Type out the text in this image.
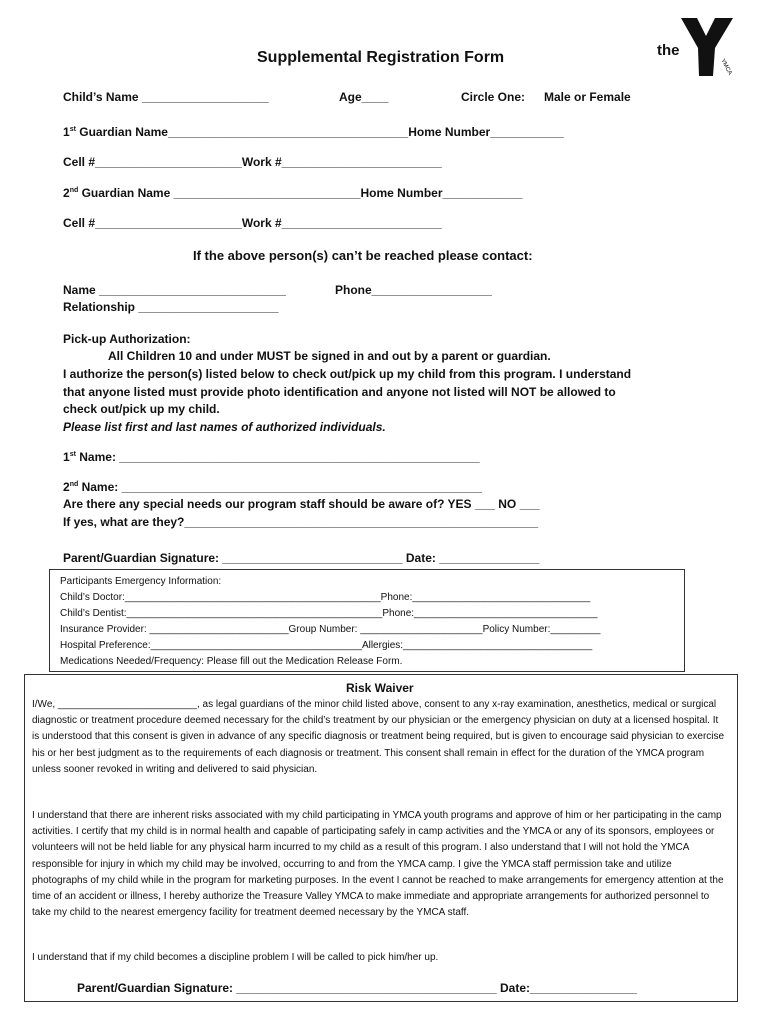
the
YMCA
Supplemental Registration Form
Child’s Name ___________________	Age____	Circle One: Male or Female
1st Guardian Name____________________________________Home Number___________
Cell #______________________Work #________________________
2nd Guardian Name ____________________________Home Number____________
Cell #______________________Work #________________________
If the above person(s) can’t be reached please contact:
Name ____________________________	Phone__________________
Relationship _____________________
Pick-up Authorization:
All Children 10 and under MUST be signed in and out by a parent or guardian.
I authorize the person(s) listed below to check out/pick up my child from this program. I understand
that anyone listed must provide photo identification and anyone not listed will NOT be allowed to
check out/pick up my child.
Please list first and last names of authorized individuals.
1st Name: ______________________________________________________
2nd Name: ______________________________________________________
Are there any special needs our program staff should be aware of? YES ___ NO ___
If yes, what are they?_____________________________________________________
Parent/Guardian Signature: ___________________________ Date: _______________
Participants Emergency Information:
Child’s Doctor:______________________________________________Phone:________________________________
Child’s Dentist:______________________________________________Phone:_________________________________
Insurance Provider: _________________________Group Number: ______________________Policy Number:_________
Hospital Preference:______________________________________Allergies:__________________________________
Medications Needed/Frequency: Please fill out the Medication Release Form.
Risk Waiver
I/We, _________________________, as legal guardians of the minor child listed above, consent to any x-ray examination, anesthetics, medical or surgical diagnostic or treatment procedure deemed necessary for the child’s treatment by our physician or the emergency physician on duty at a licensed hospital. It is understood that this consent is given in advance of any specific diagnosis or treatment being required, but is given to encourage said physician to exercise his or her best judgment as to the requirements of each diagnosis or treatment. This consent shall remain in effect for the duration of the YMCA program unless sooner revoked in writing and delivered to said physician.
I understand that there are inherent risks associated with my child participating in YMCA youth programs and approve of him or her participating in the camp activities. I certify that my child is in normal health and capable of participating safely in camp activities and the YMCA or any of its sponsors, employees or volunteers will not be held liable for any physical harm incurred to my child as a result of this program. I also understand that I will not hold the YMCA responsible for injury in which my child may be involved, occurring to and from the YMCA camp. I give the YMCA staff permission take and utilize photographs of my child while in the program for marketing purposes. In the event I cannot be reached to make arrangements for emergency attention at the time of an accident or illness, I hereby authorize the Treasure Valley YMCA to make immediate and appropriate arrangements for authorized personnel to take my child to the nearest emergency facility for treatment deemed necessary by the YMCA staff.
I understand that if my child becomes a discipline problem I will be called to pick him/her up.
Parent/Guardian Signature: _______________________________________ Date:________________
